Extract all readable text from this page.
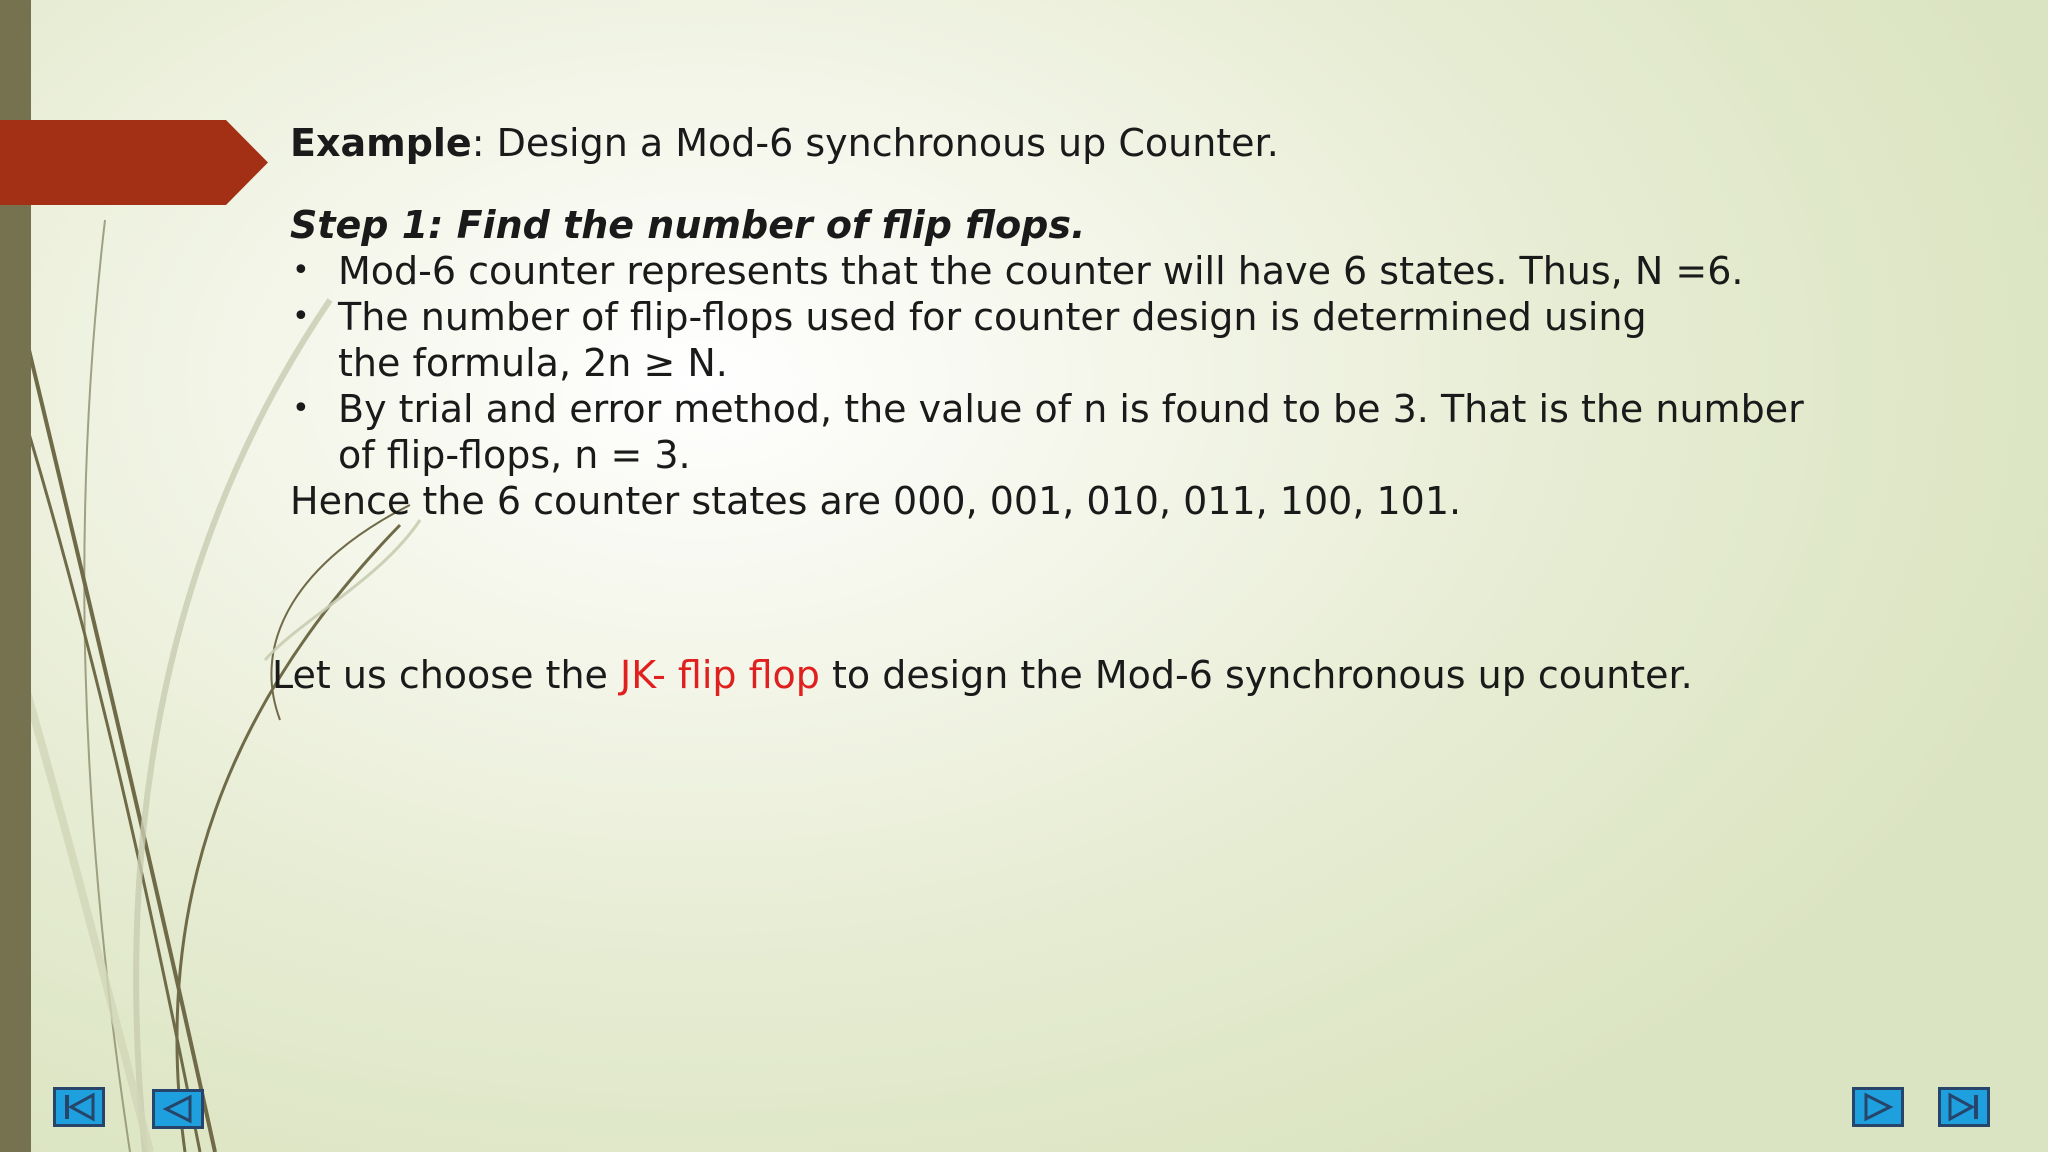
Example: Design a Mod-6 synchronous up Counter.

Step 1: Find the number of flip flops.

• Mod-6 counter represents that the counter will have 6 states. Thus, N =6.
• The number of flip-flops used for counter design is determined using the formula, 2n ≥ N.
• By trial and error method, the value of n is found to be 3. That is the number of flip-flops, n = 3.

Hence the 6 counter states are 000, 001, 010, 011, 100, 101.

Let us choose the JK- flip flop to design the Mod-6 synchronous up counter.
